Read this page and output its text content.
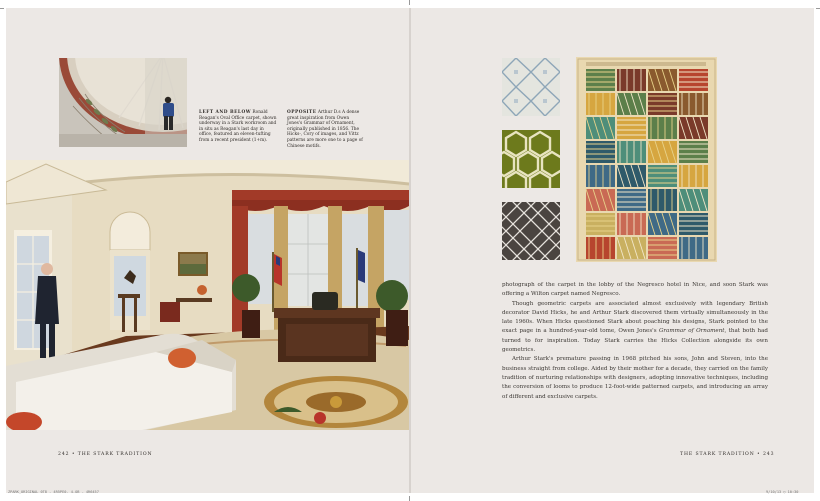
LEFT AND BELOW Ronald Reagan's Oval Office carpet, shown underway in a Stark workroom and in situ as Reagan's last day in office, featured an eleven-tufting from a recent president (1+m).
OPPOSITE Arthur D.s A dense great inspiration from Owen Jones's Grammar of Ornament, originally published in 1856. The Hicks-, Cory of images, and Vittz patterns are more one to a page of Chinese motifs.

photograph of the carpet in the lobby of the Negresco hotel in Nice, and soon Stark was offering a Wilton carpet named Negresco.

Though geometric carpets are associated almost exclusively with legendary British decorator David Hicks, he and Arthur Stark discovered them virtually simultaneously in the late 1960s. When Hicks questioned Stark about poaching his designs, Stark pointed to the exact page in a hundred-year-old tome, Owen Jones's Grammar of Ornament, that both had turned to for inspiration. Today Stark carries the Hicks Collection alongside its own geometrics.

Arthur Stark's premature passing in 1968 pitched his sons, John and Steven, into the business straight from college. Aided by their mother for a decade, they carried on the family tradition of nurturing relationships with designers, adopting innovative techniques, including the conversion of looms to produce 12-foot-wide patterned carpets, and introducing an array of different and exclusive carpets.

242 • THE STARK TRADITION	THE STARK TRADITION • 243
ZPARK_ORIGINAL 0T8 - 4R5PE0. 4.OB - 4R6457	9/10/13 ○ 10:30
